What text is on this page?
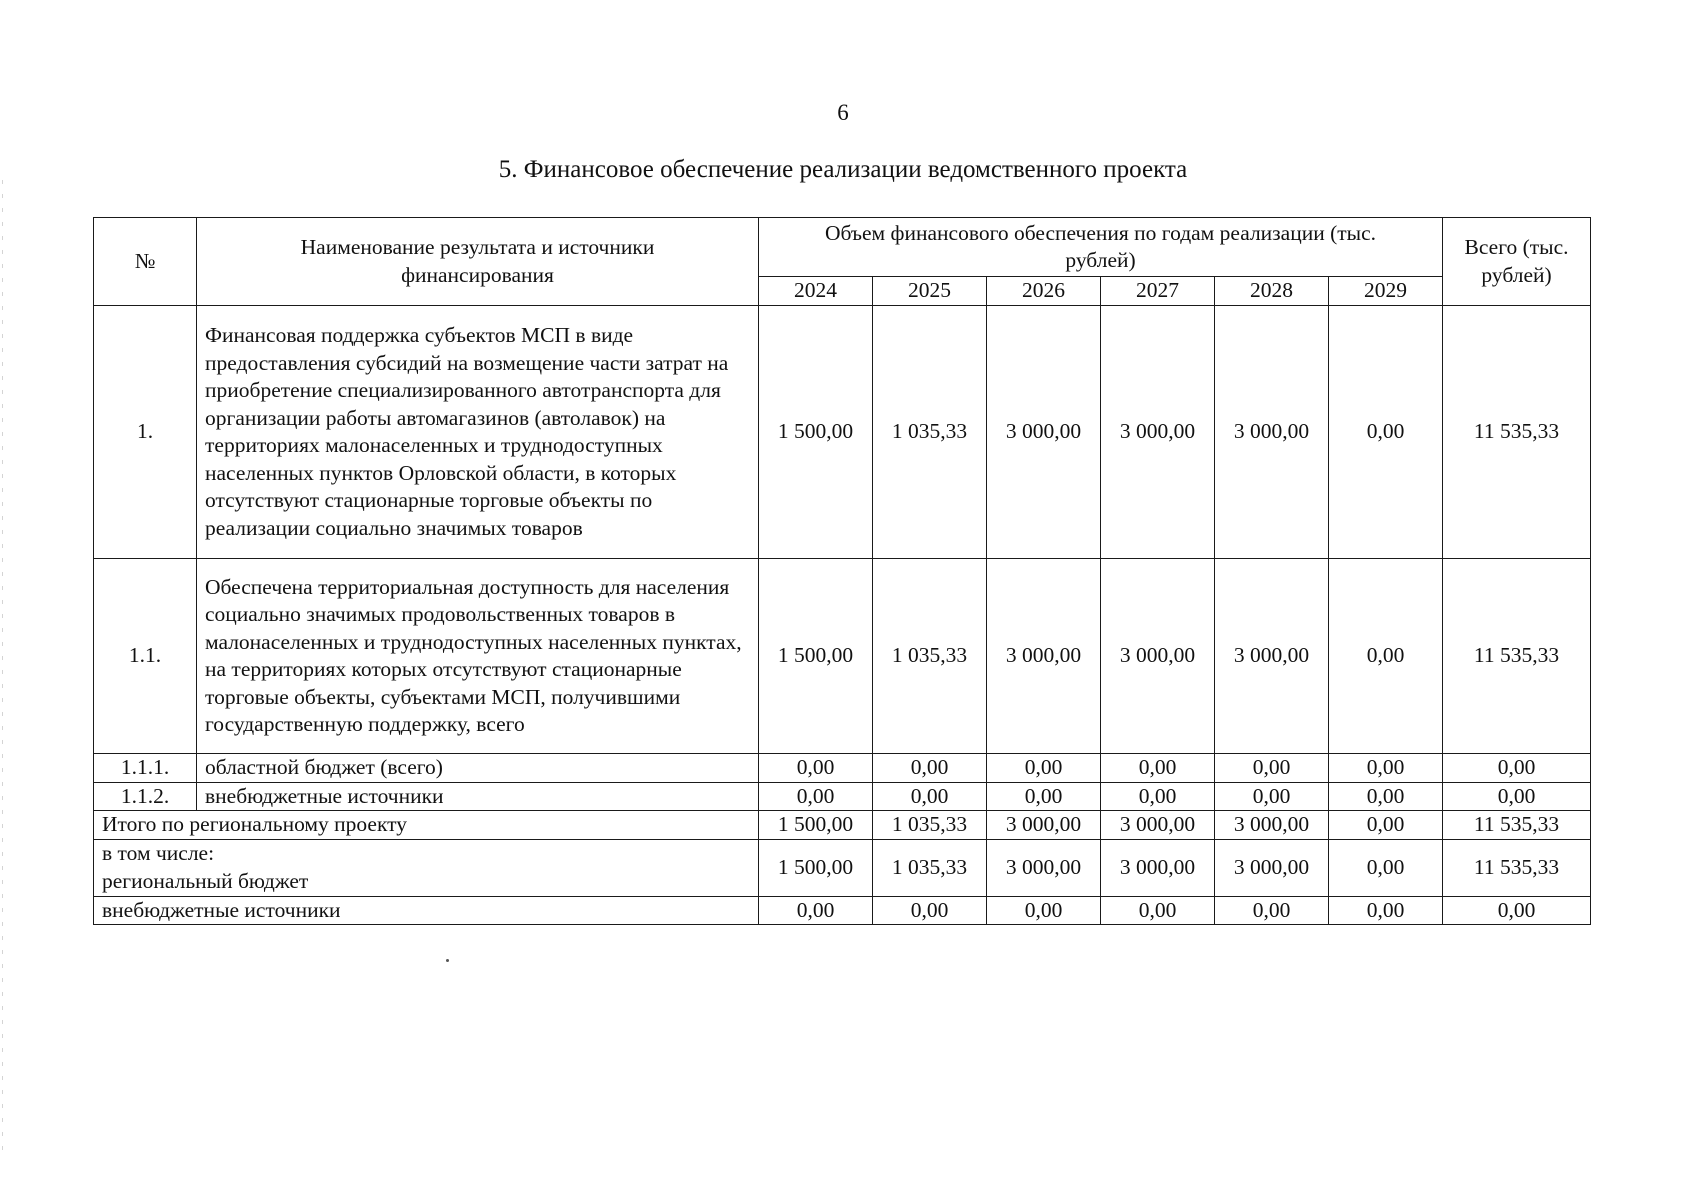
6
5. Финансовое обеспечение реализации ведомственного проекта
№	Наименование результата и источники финансирования	Объем финансового обеспечения по годам реализации (тыс. рублей)						Всего (тыс. рублей)
		2024	2025	2026	2027	2028	2029	
1.	Финансовая поддержка субъектов МСП в виде предоставления субсидий на возмещение части затрат на приобретение специализированного автотранспорта для организации работы автомагазинов (автолавок) на территориях малонаселенных и труднодоступных населенных пунктов Орловской области, в которых отсутствуют стационарные торговые объекты по реализации социально значимых товаров	1 500,00	1 035,33	3 000,00	3 000,00	3 000,00	0,00	11 535,33
1.1.	Обеспечена территориальная доступность для населения социально значимых продовольственных товаров в малонаселенных и труднодоступных населенных пунктах, на территориях которых отсутствуют стационарные торговые объекты, субъектами МСП, получившими государственную поддержку, всего	1 500,00	1 035,33	3 000,00	3 000,00	3 000,00	0,00	11 535,33
1.1.1.	областной бюджет (всего)	0,00	0,00	0,00	0,00	0,00	0,00	0,00
1.1.2.	внебюджетные источники	0,00	0,00	0,00	0,00	0,00	0,00	0,00
Итого по региональному проекту		1 500,00	1 035,33	3 000,00	3 000,00	3 000,00	0,00	11 535,33

в том числе:
региональный бюджет		1 500,00	1 035,33	3 000,00	3 000,00	3 000,00	0,00	11 535,33
внебюджетные источники		0,00	0,00	0,00	0,00	0,00	0,00	0,00
